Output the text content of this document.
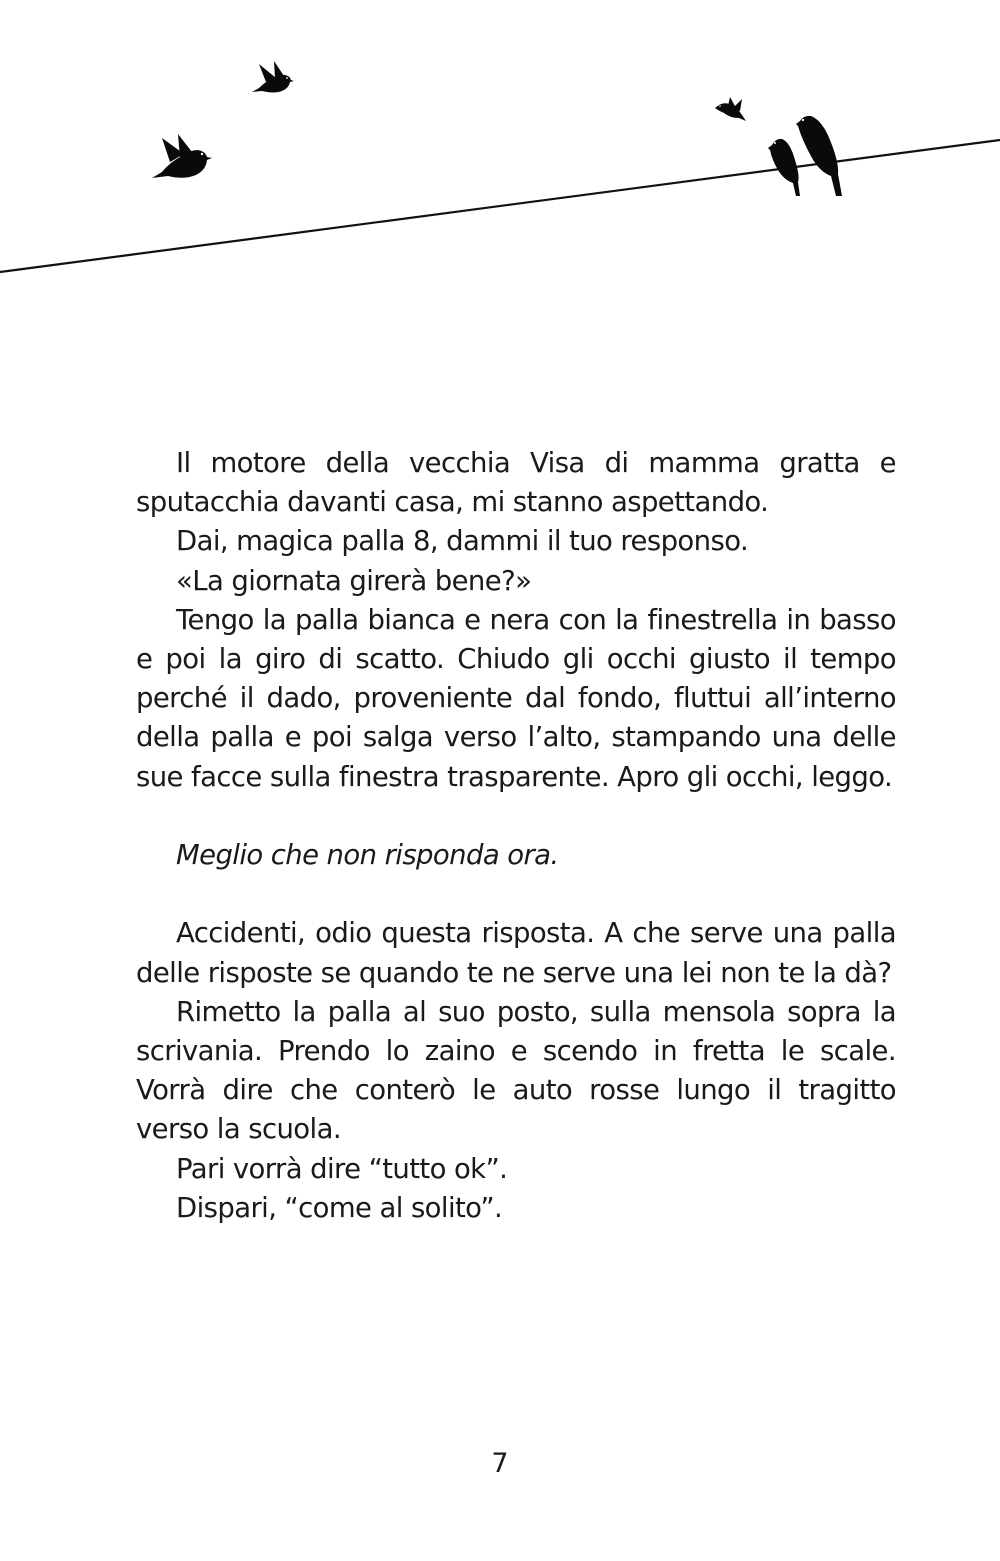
Il motore della vecchia Visa di mamma gratta e sputacchia davanti casa, mi stanno aspettando.

Dai, magica palla 8, dammi il tuo responso.

«La giornata girerà bene?»

Tengo la palla bianca e nera con la finestrella in basso e poi la giro di scatto. Chiudo gli occhi giusto il tempo perché il dado, proveniente dal fondo, fluttui all’interno della palla e poi salga verso l’alto, stampando una delle sue facce sulla finestra trasparente. Apro gli occhi, leggo.

Meglio che non risponda ora.

Accidenti, odio questa risposta. A che serve una palla delle risposte se quando te ne serve una lei non te la dà?

Rimetto la palla al suo posto, sulla mensola sopra la scrivania. Prendo lo zaino e scendo in fretta le scale. Vorrà dire che conterò le auto rosse lungo il tragitto verso la scuola.

Pari vorrà dire “tutto ok”.

Dispari, “come al solito”.

7
